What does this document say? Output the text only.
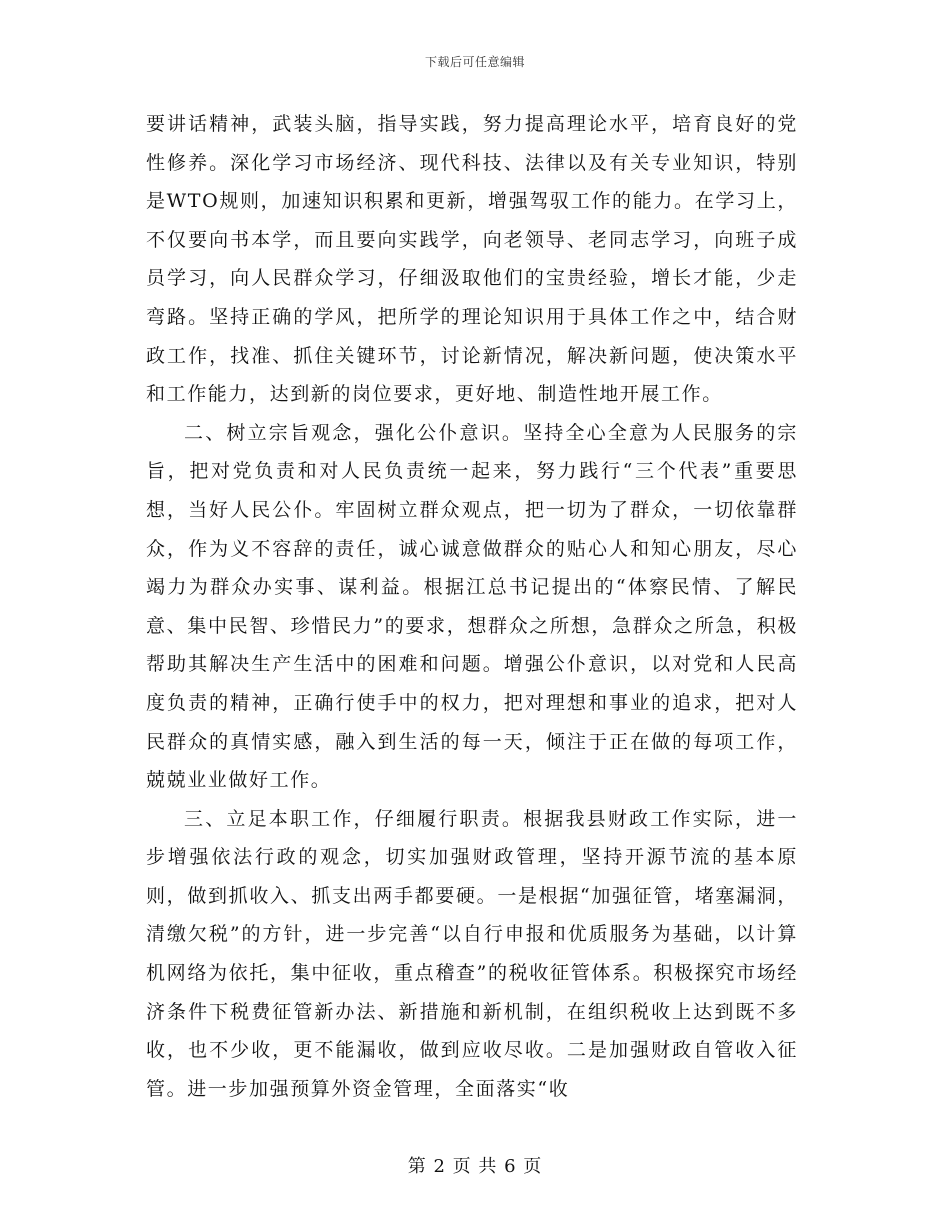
下载后可任意编辑

要讲话精神，武装头脑，指导实践，努力提高理论水平，培育良好的党性修养。深化学习市场经济、现代科技、法律以及有关专业知识，特别是WTO规则，加速知识积累和更新，增强驾驭工作的能力。在学习上，不仅要向书本学，而且要向实践学，向老领导、老同志学习，向班子成员学习，向人民群众学习，仔细汲取他们的宝贵经验，增长才能，少走弯路。坚持正确的学风，把所学的理论知识用于具体工作之中，结合财政工作，找准、抓住关键环节，讨论新情况，解决新问题，使决策水平和工作能力，达到新的岗位要求，更好地、制造性地开展工作。

二、树立宗旨观念，强化公仆意识。坚持全心全意为人民服务的宗旨，把对党负责和对人民负责统一起来，努力践行“三个代表”重要思想，当好人民公仆。牢固树立群众观点，把一切为了群众，一切依靠群众，作为义不容辞的责任，诚心诚意做群众的贴心人和知心朋友，尽心竭力为群众办实事、谋利益。根据江总书记提出的“体察民情、了解民意、集中民智、珍惜民力”的要求，想群众之所想，急群众之所急，积极帮助其解决生产生活中的困难和问题。增强公仆意识，以对党和人民高度负责的精神，正确行使手中的权力，把对理想和事业的追求，把对人民群众的真情实感，融入到生活的每一天，倾注于正在做的每项工作，兢兢业业做好工作。

三、立足本职工作，仔细履行职责。根据我县财政工作实际，进一步增强依法行政的观念，切实加强财政管理，坚持开源节流的基本原则，做到抓收入、抓支出两手都要硬。一是根据“加强征管，堵塞漏洞，清缴欠税”的方针，进一步完善“以自行申报和优质服务为基础，以计算机网络为依托，集中征收，重点稽查”的税收征管体系。积极探究市场经济条件下税费征管新办法、新措施和新机制，在组织税收上达到既不多收，也不少收，更不能漏收，做到应收尽收。二是加强财政自管收入征管。进一步加强预算外资金管理，全面落实“收

第 2 页 共 6 页
